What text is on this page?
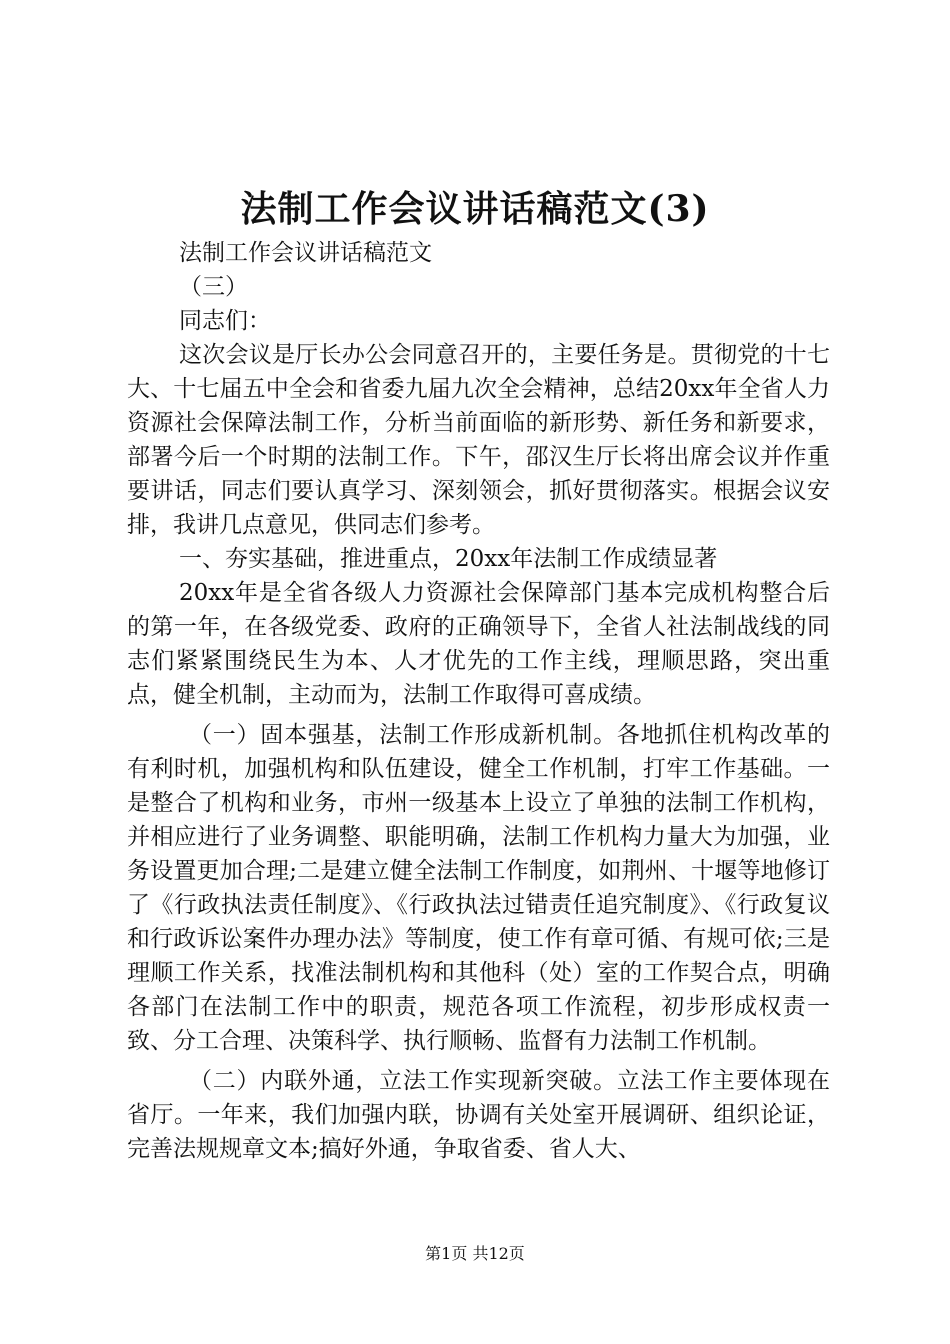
法制工作会议讲话稿范文(3)
法制工作会议讲话稿范文
（三）
同志们：

这次会议是厅长办公会同意召开的，主要任务是。贯彻党的十七大、十七届五中全会和省委九届九次全会精神，总结20xx年全省人力资源社会保障法制工作，分析当前面临的新形势、新任务和新要求，部署今后一个时期的法制工作。下午，邵汉生厅长将出席会议并作重要讲话，同志们要认真学习、深刻领会，抓好贯彻落实。根据会议安排，我讲几点意见，供同志们参考。

一、夯实基础，推进重点，20xx年法制工作成绩显著

20xx年是全省各级人力资源社会保障部门基本完成机构整合后的第一年，在各级党委、政府的正确领导下，全省人社法制战线的同志们紧紧围绕民生为本、人才优先的工作主线，理顺思路，突出重点，健全机制，主动而为，法制工作取得可喜成绩。

（一）固本强基，法制工作形成新机制。各地抓住机构改革的有利时机，加强机构和队伍建设，健全工作机制，打牢工作基础。一是整合了机构和业务，市州一级基本上设立了单独的法制工作机构，并相应进行了业务调整、职能明确，法制工作机构力量大为加强，业务设置更加合理;二是建立健全法制工作制度，如荆州、十堰等地修订了《行政执法责任制度》、《行政执法过错责任追究制度》、《行政复议和行政诉讼案件办理办法》等制度，使工作有章可循、有规可依;三是理顺工作关系，找准法制机构和其他科（处）室的工作契合点，明确各部门在法制工作中的职责，规范各项工作流程，初步形成权责一致、分工合理、决策科学、执行顺畅、监督有力法制工作机制。

（二）内联外通，立法工作实现新突破。立法工作主要体现在省厅。一年来，我们加强内联，协调有关处室开展调研、组织论证，完善法规规章文本;搞好外通，争取省委、省人大、

第1页 共12页
